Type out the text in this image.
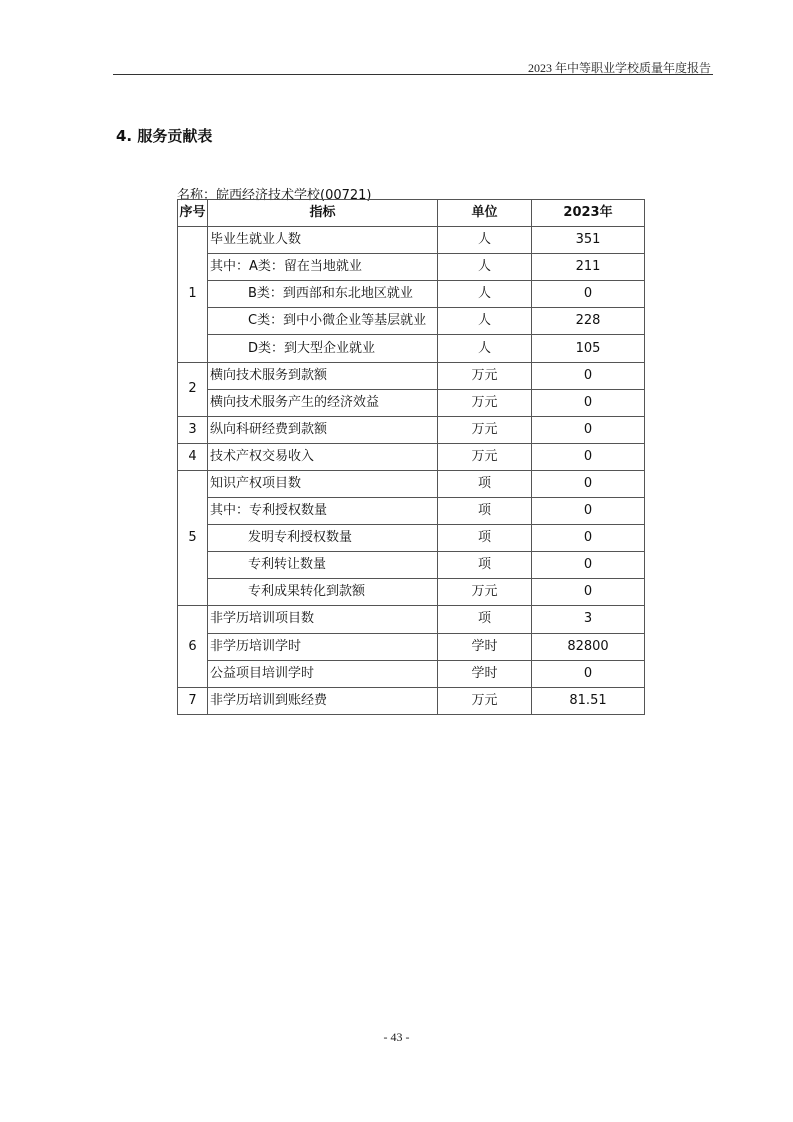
2023 年中等职业学校质量年度报告
4. 服务贡献表
名称：皖西经济技术学校(00721)
序号	指标	单位	2023年
1	毕业生就业人数	人	351
	其中：A类：留在当地就业	人	211
	B类：到西部和东北地区就业	人	0
	C类：到中小微企业等基层就业	人	228
	D类：到大型企业就业	人	105
2	横向技术服务到款额	万元	0
	横向技术服务产生的经济效益	万元	0
3	纵向科研经费到款额	万元	0
4	技术产权交易收入	万元	0
5	知识产权项目数	项	0
	其中：专利授权数量	项	0
	发明专利授权数量	项	0
	专利转让数量	项	0
	专利成果转化到款额	万元	0
6	非学历培训项目数	项	3
	非学历培训学时	学时	82800
	公益项目培训学时	学时	0
7	非学历培训到账经费	万元	81.51
- 43 -
